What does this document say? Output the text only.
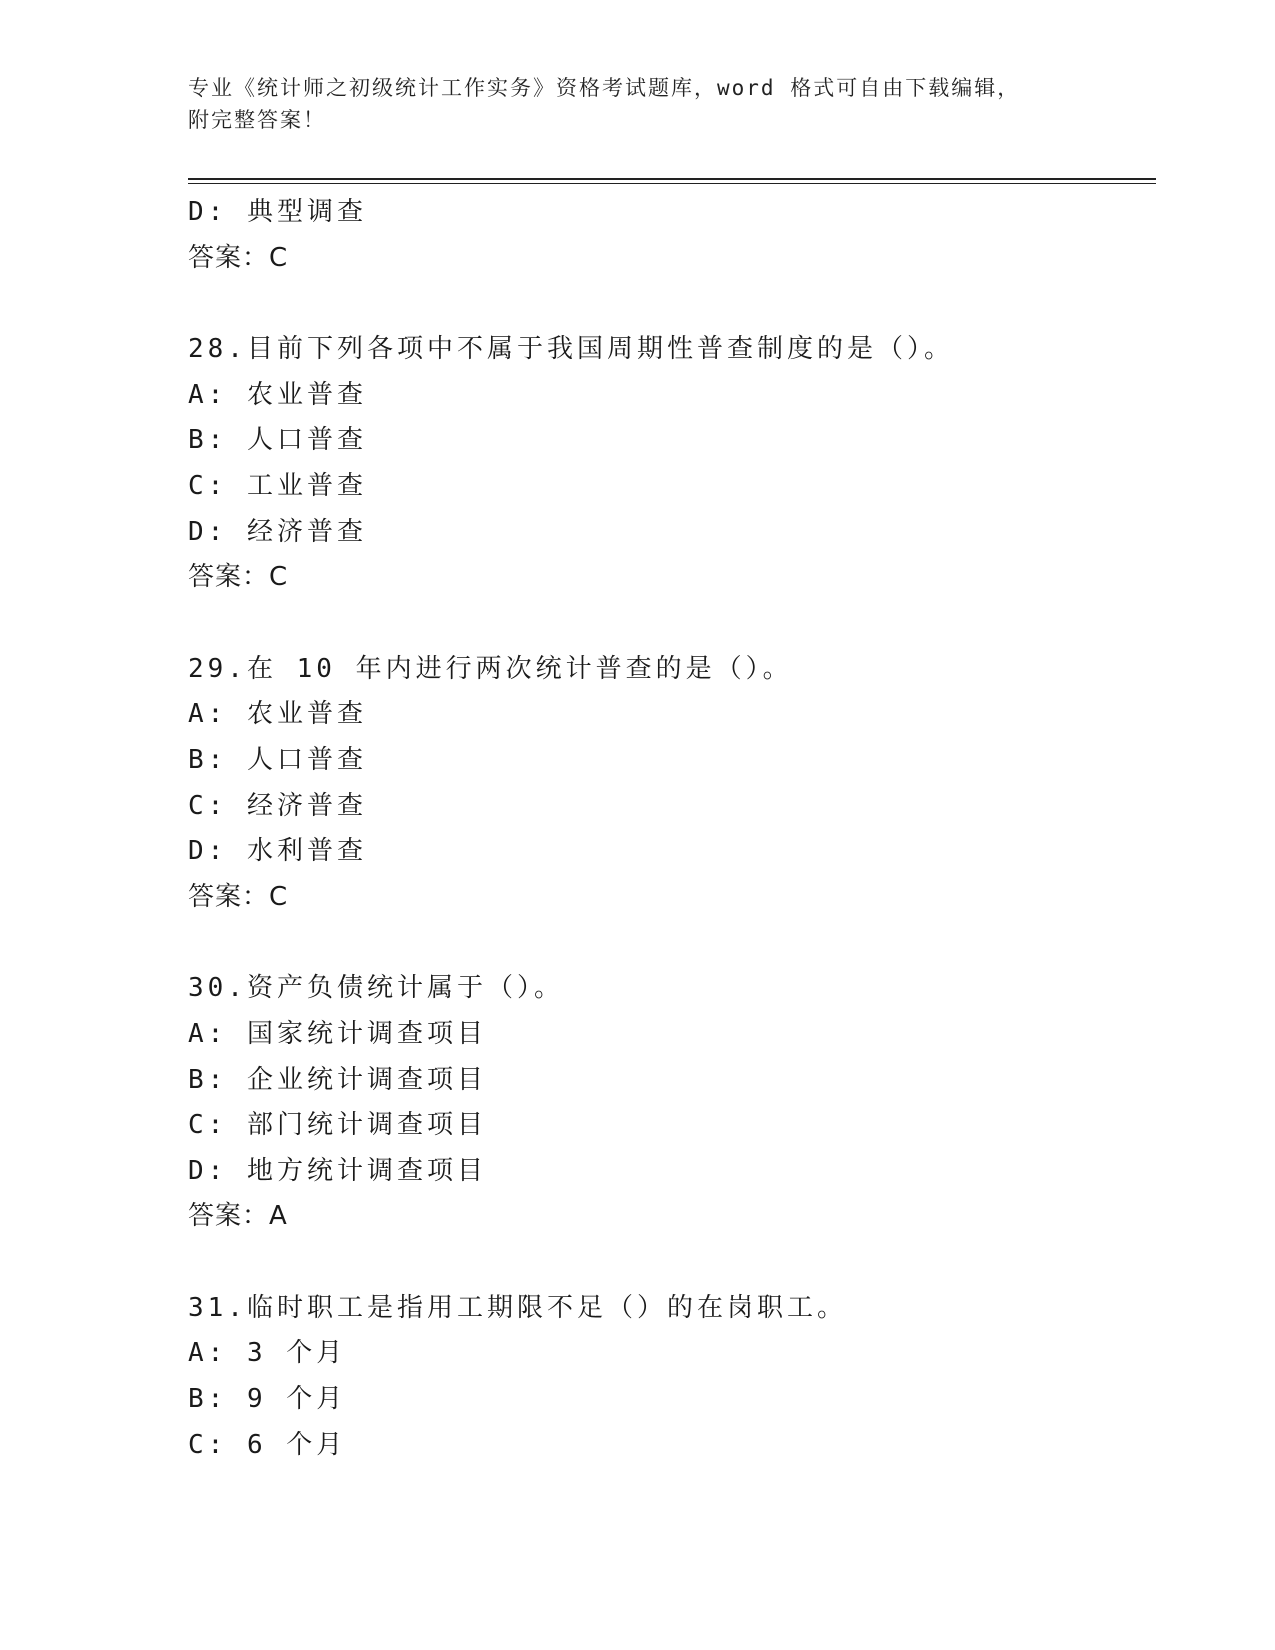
专业《统计师之初级统计工作实务》资格考试题库，word 格式可自由下载编辑，
附完整答案！
D: 典型调查
答案：C
28.目前下列各项中不属于我国周期性普查制度的是（）。
A: 农业普查
B: 人口普查
C: 工业普查
D: 经济普查
答案：C
29.在 10 年内进行两次统计普查的是（）。
A: 农业普查
B: 人口普查
C: 经济普查
D: 水利普查
答案：C
30.资产负债统计属于（）。
A: 国家统计调查项目
B: 企业统计调查项目
C: 部门统计调查项目
D: 地方统计调查项目
答案：A
31.临时职工是指用工期限不足（）的在岗职工。
A: 3 个月
B: 9 个月
C: 6 个月
